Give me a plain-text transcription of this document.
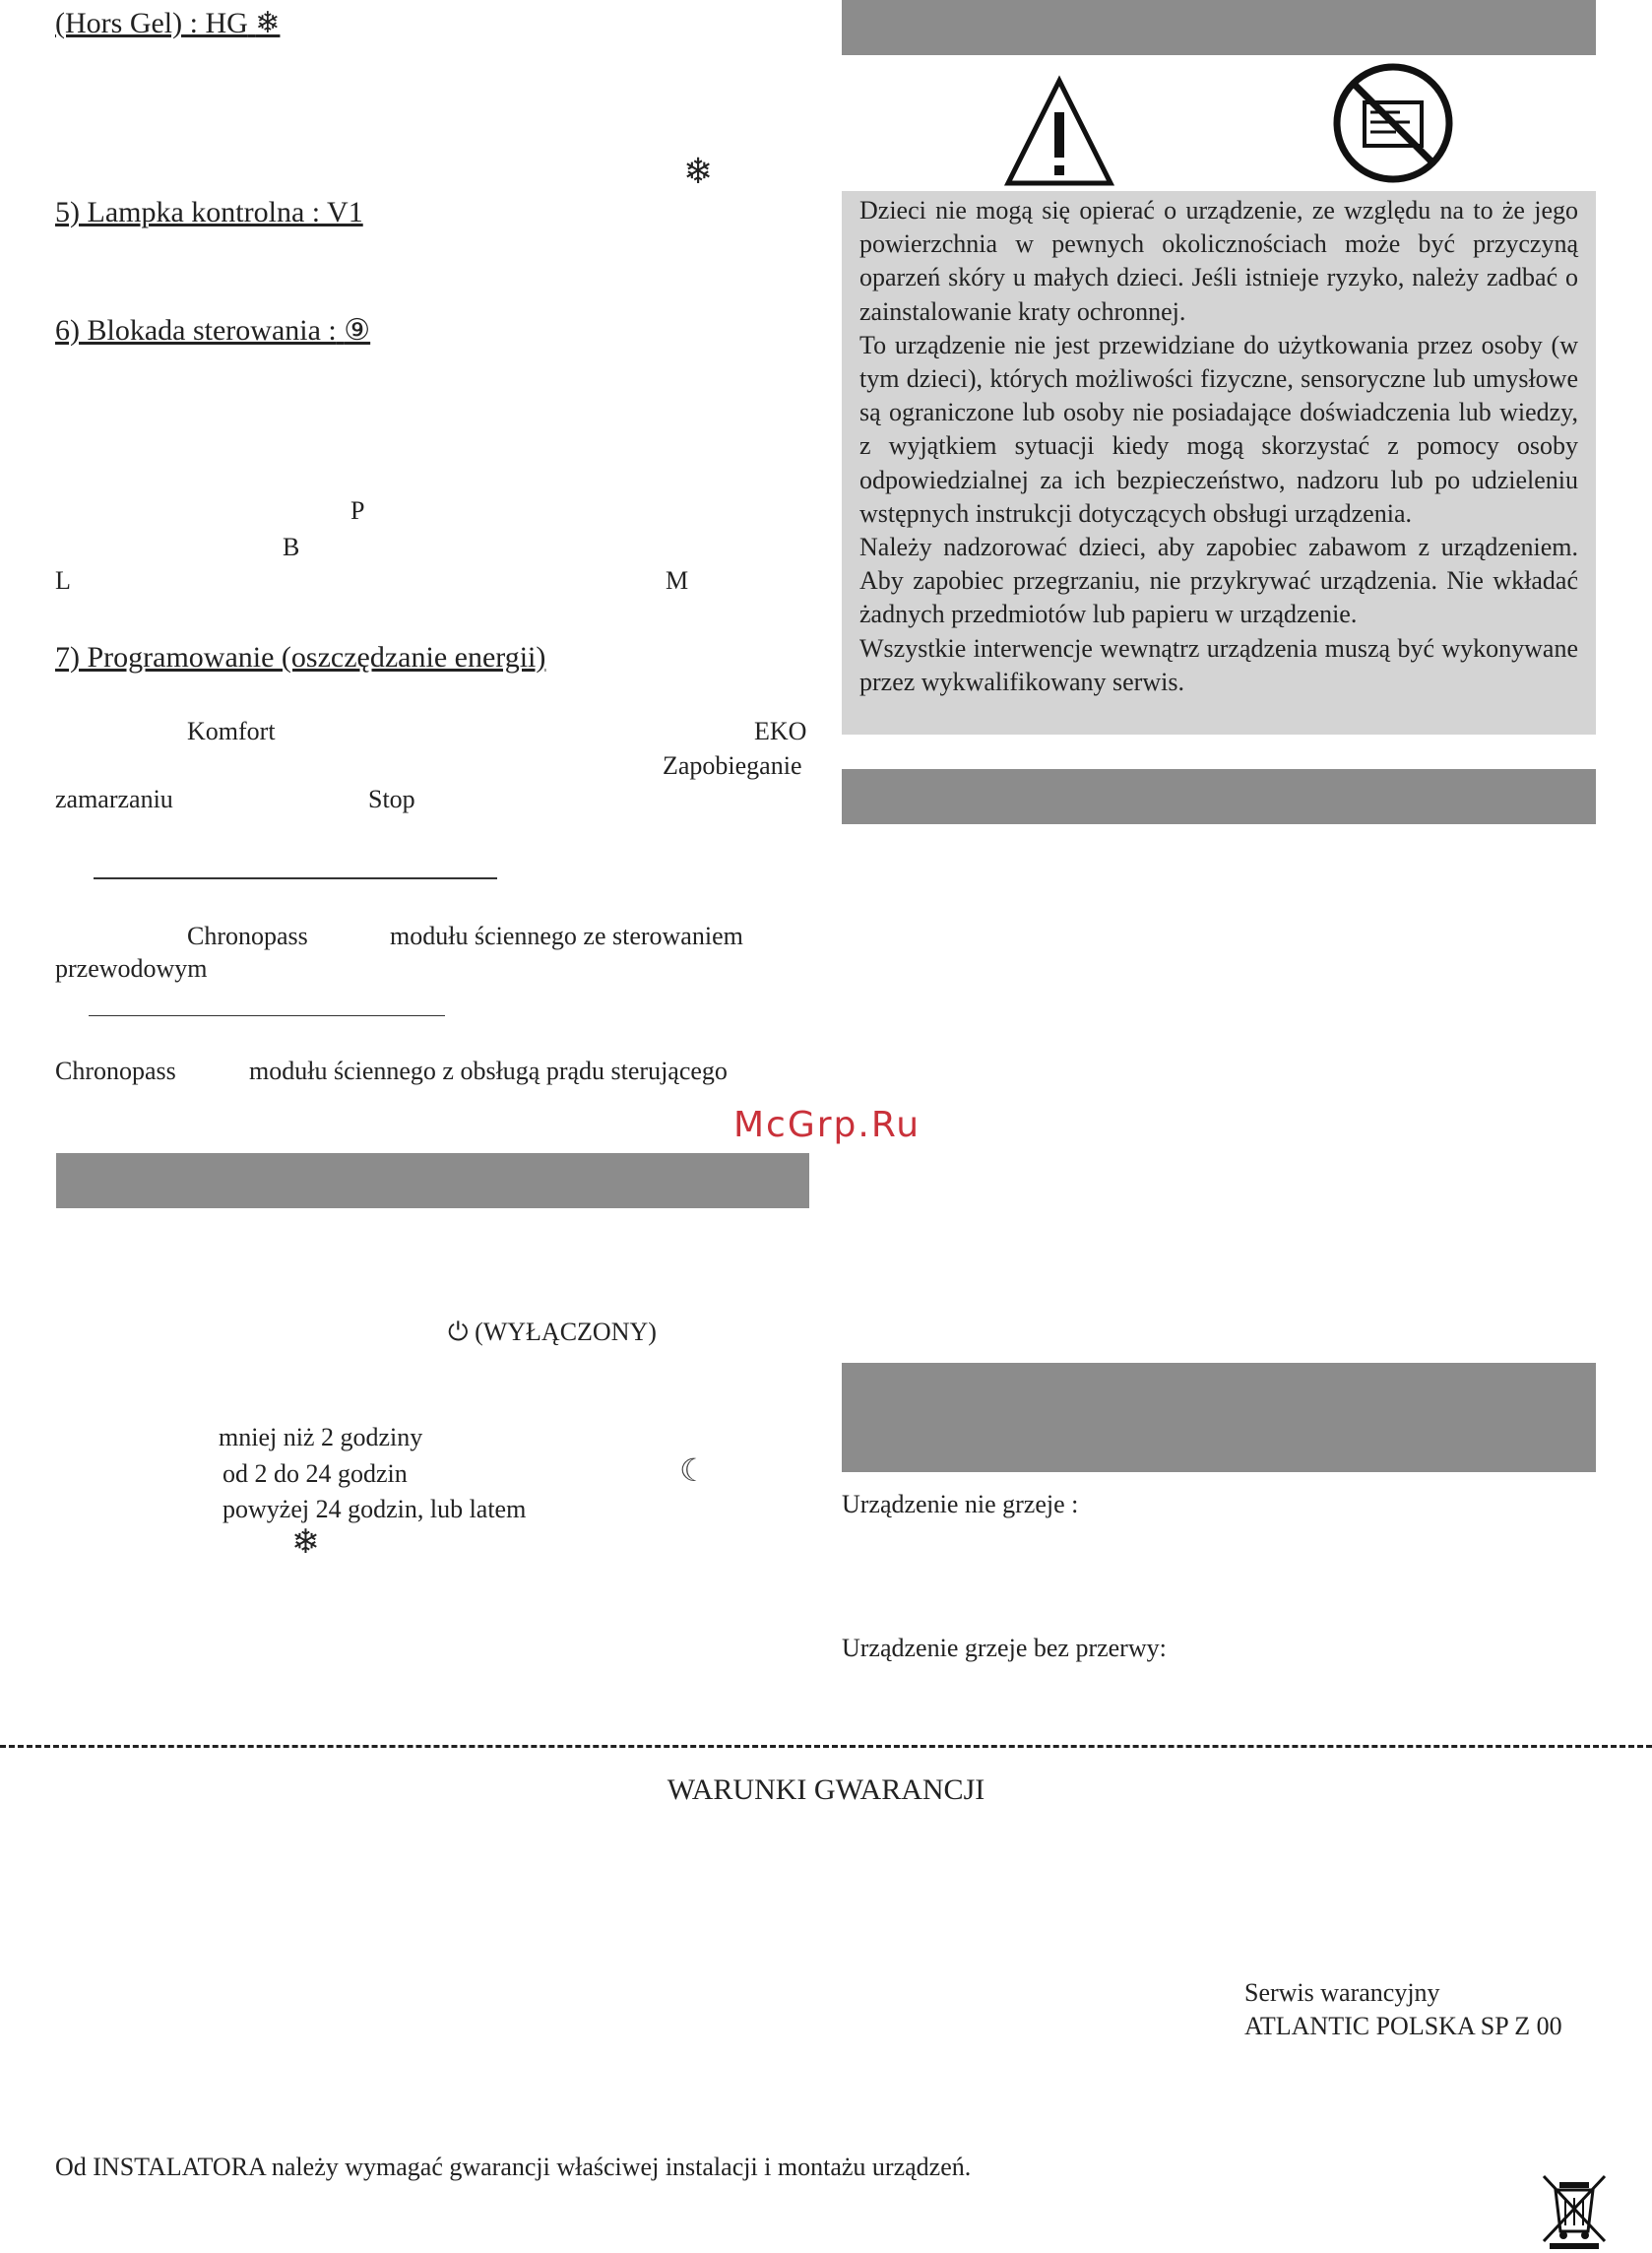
(Hors Gel) : HG ❄
❄
5) Lampka kontrolna : V1
6) Blokada sterowania : ⑨
P
B
L	M
7) Programowanie (oszczędzanie energii)
Komfort	EKO
Zapobieganie
zamarzaniu	Stop
Chronopass	modułu ściennego ze sterowaniem
przewodowym
Chronopass	modułu ściennego z obsługą prądu sterującego
McGrp.Ru
⏻ (WYŁĄCZONY)
mniej niż 2 godziny
od 2 do 24 godzin	☾
powyżej 24 godzin, lub latem
❄
Dzieci nie mogą się opierać o urządzenie, ze względu na to że jego powierzchnia w pewnych okolicznościach może być przyczyną oparzeń skóry u małych dzieci. Jeśli istnieje ryzyko, należy zadbać o zainstalowanie kraty ochronnej.
To urządzenie nie jest przewidziane do użytkowania przez osoby (w tym dzieci), których możliwości fizyczne, sensoryczne lub umysłowe są ograniczone lub osoby nie posiadające doświadczenia lub wiedzy, z wyjątkiem sytuacji kiedy mogą skorzystać z pomocy osoby odpowiedzialnej za ich bezpieczeństwo, nadzoru lub po udzieleniu wstępnych instrukcji dotyczących obsługi urządzenia.
Należy nadzorować dzieci, aby zapobiec zabawom z urządzeniem. Aby zapobiec przegrzaniu, nie przykrywać urządzenia. Nie wkładać żadnych przedmiotów lub papieru w urządzenie.
Wszystkie interwencje wewnątrz urządzenia muszą być wykonywane przez wykwalifikowany serwis.
Urządzenie nie grzeje :
Urządzenie grzeje bez przerwy:
WARUNKI GWARANCJI
Serwis warancyjny
ATLANTIC POLSKA SP Z 00
Od INSTALATORA należy wymagać gwarancji właściwej instalacji i montażu urządzeń.
